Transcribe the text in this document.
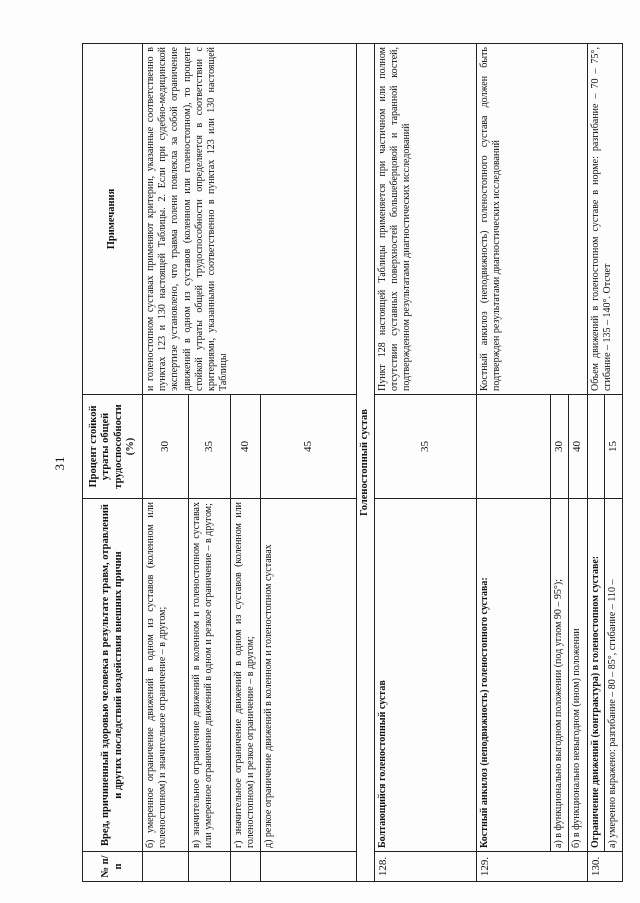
31
№ п/п	Вред, причиненный здоровью человека в результате травм, отравлений и других последствий воздействия внешних причин	Процент стойкой утраты общей трудоспособности (%)	Примечания
	б) умеренное ограничение движений в одном из суставов (коленном или голеностопном) и значительное ограничение – в другом;	30	и голеностопном суставах применяют критерии, указанные соответственно в пунктах 123 и 130 настоящей Таблицы. 2. Если при судебно-медицинской экспертизе установлено, что травма голени повлекла за собой ограничение движений в одном из суставов (коленном или голеностопном), то процент стойкой утраты общей трудоспособности определяется в соответствии с критериями, указанными соответственно в пунктах 123 или 130 настоящей Таблицы
	в) значительное ограничение движений в коленном и голеностопном суставах или умеренное ограничение движений в одном и резкое ограничение – в другом;	35	
	г) значительное ограничение движений в одном из суставов (коленном или голеностопном) и резкое ограничение – в другом;	40	
	д) резкое ограничение движений в коленном и голеностопном суставах	45	
Голеностопный сустав			
128.	Болтающийся голеностопный сустав	35	Пункт 128 настоящей Таблицы применяется при частичном или полном отсутствии суставных поверхностей большеберцовой и таранной костей, подтвержденном результатами диагностических исследований
129.	Костный анкилоз (неподвижность) голеностопного сустава:		Костный анкилоз (неподвижность) голеностопного сустава должен быть подтвержден результатами диагностических исследований
	а) в функционально выгодном положении (под углом 90 – 95°);	30	
	б) в функционально невыгодном (ином) положении	40	
130.	Ограничение движений (контрактура) в голеностопном суставе:		Объем движений в голеностопном суставе в норме: разгибание – 70 – 75°, сгибание – 135 – 140°. Отсчет
	а) умеренно выражено: разгибание – 80 – 85°, сгибание – 110 –	15	
